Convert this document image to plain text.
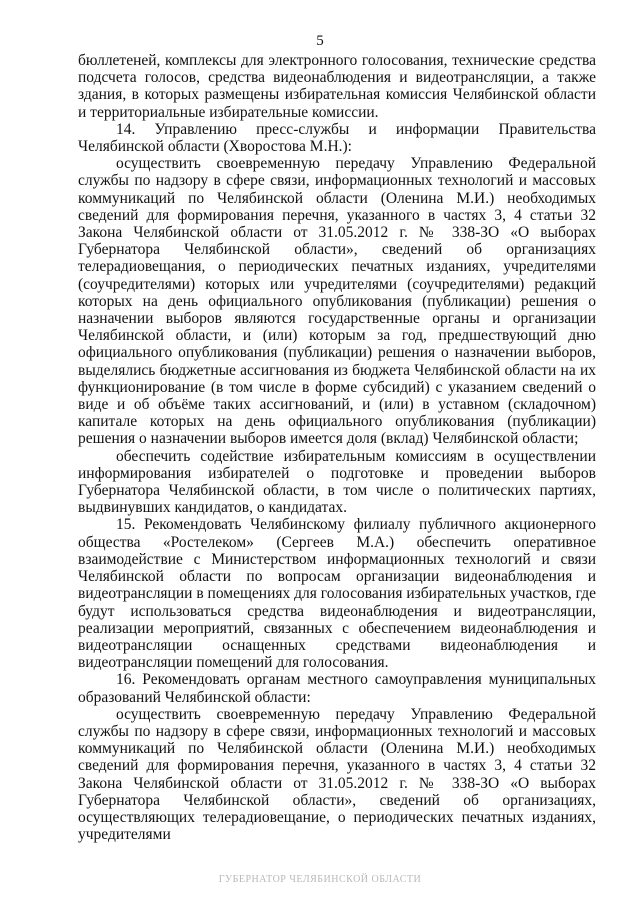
5

бюллетеней, комплексы для электронного голосования, технические средства подсчета голосов, средства видеонаблюдения и видеотрансляции, а также здания, в которых размещены избирательная комиссия Челябинской области и территориальные избирательные комиссии.

14. Управлению пресс-службы и информации Правительства Челябинской области (Хворостова М.Н.):

осуществить своевременную передачу Управлению Федеральной службы по надзору в сфере связи, информационных технологий и массовых коммуникаций по Челябинской области (Оленина М.И.) необходимых сведений для формирования перечня, указанного в частях 3, 4 статьи 32 Закона Челябинской области от 31.05.2012 г. № 338-ЗО «О выборах Губернатора Челябинской области», сведений об организациях телерадиовещания, о периодических печатных изданиях, учредителями (соучредителями) которых или учредителями (соучредителями) редакций которых на день официального опубликования (публикации) решения о назначении выборов являются государственные органы и организации Челябинской области, и (или) которым за год, предшествующий дню официального опубликования (публикации) решения о назначении выборов, выделялись бюджетные ассигнования из бюджета Челябинской области на их функционирование (в том числе в форме субсидий) с указанием сведений о виде и об объёме таких ассигнований, и (или) в уставном (складочном) капитале которых на день официального опубликования (публикации) решения о назначении выборов имеется доля (вклад) Челябинской области;

обеспечить содействие избирательным комиссиям в осуществлении информирования избирателей о подготовке и проведении выборов Губернатора Челябинской области, в том числе о политических партиях, выдвинувших кандидатов, о кандидатах.

15. Рекомендовать Челябинскому филиалу публичного акционерного общества «Ростелеком» (Сергеев М.А.) обеспечить оперативное взаимодействие с Министерством информационных технологий и связи Челябинской области по вопросам организации видеонаблюдения и видеотрансляции в помещениях для голосования избирательных участков, где будут использоваться средства видеонаблюдения и видеотрансляции, реализации мероприятий, связанных с обеспечением видеонаблюдения и видеотрансляции оснащенных средствами видеонаблюдения и видеотрансляции помещений для голосования.

16. Рекомендовать органам местного самоуправления муниципальных образований Челябинской области:

осуществить своевременную передачу Управлению Федеральной службы по надзору в сфере связи, информационных технологий и массовых коммуникаций по Челябинской области (Оленина М.И.) необходимых сведений для формирования перечня, указанного в частях 3, 4 статьи 32 Закона Челябинской области от 31.05.2012 г. № 338-ЗО «О выборах Губернатора Челябинской области», сведений об организациях, осуществляющих телерадиовещание, о периодических печатных изданиях, учредителями

ГУБЕРНАТОР ЧЕЛЯБИНСКОЙ ОБЛАСТИ
